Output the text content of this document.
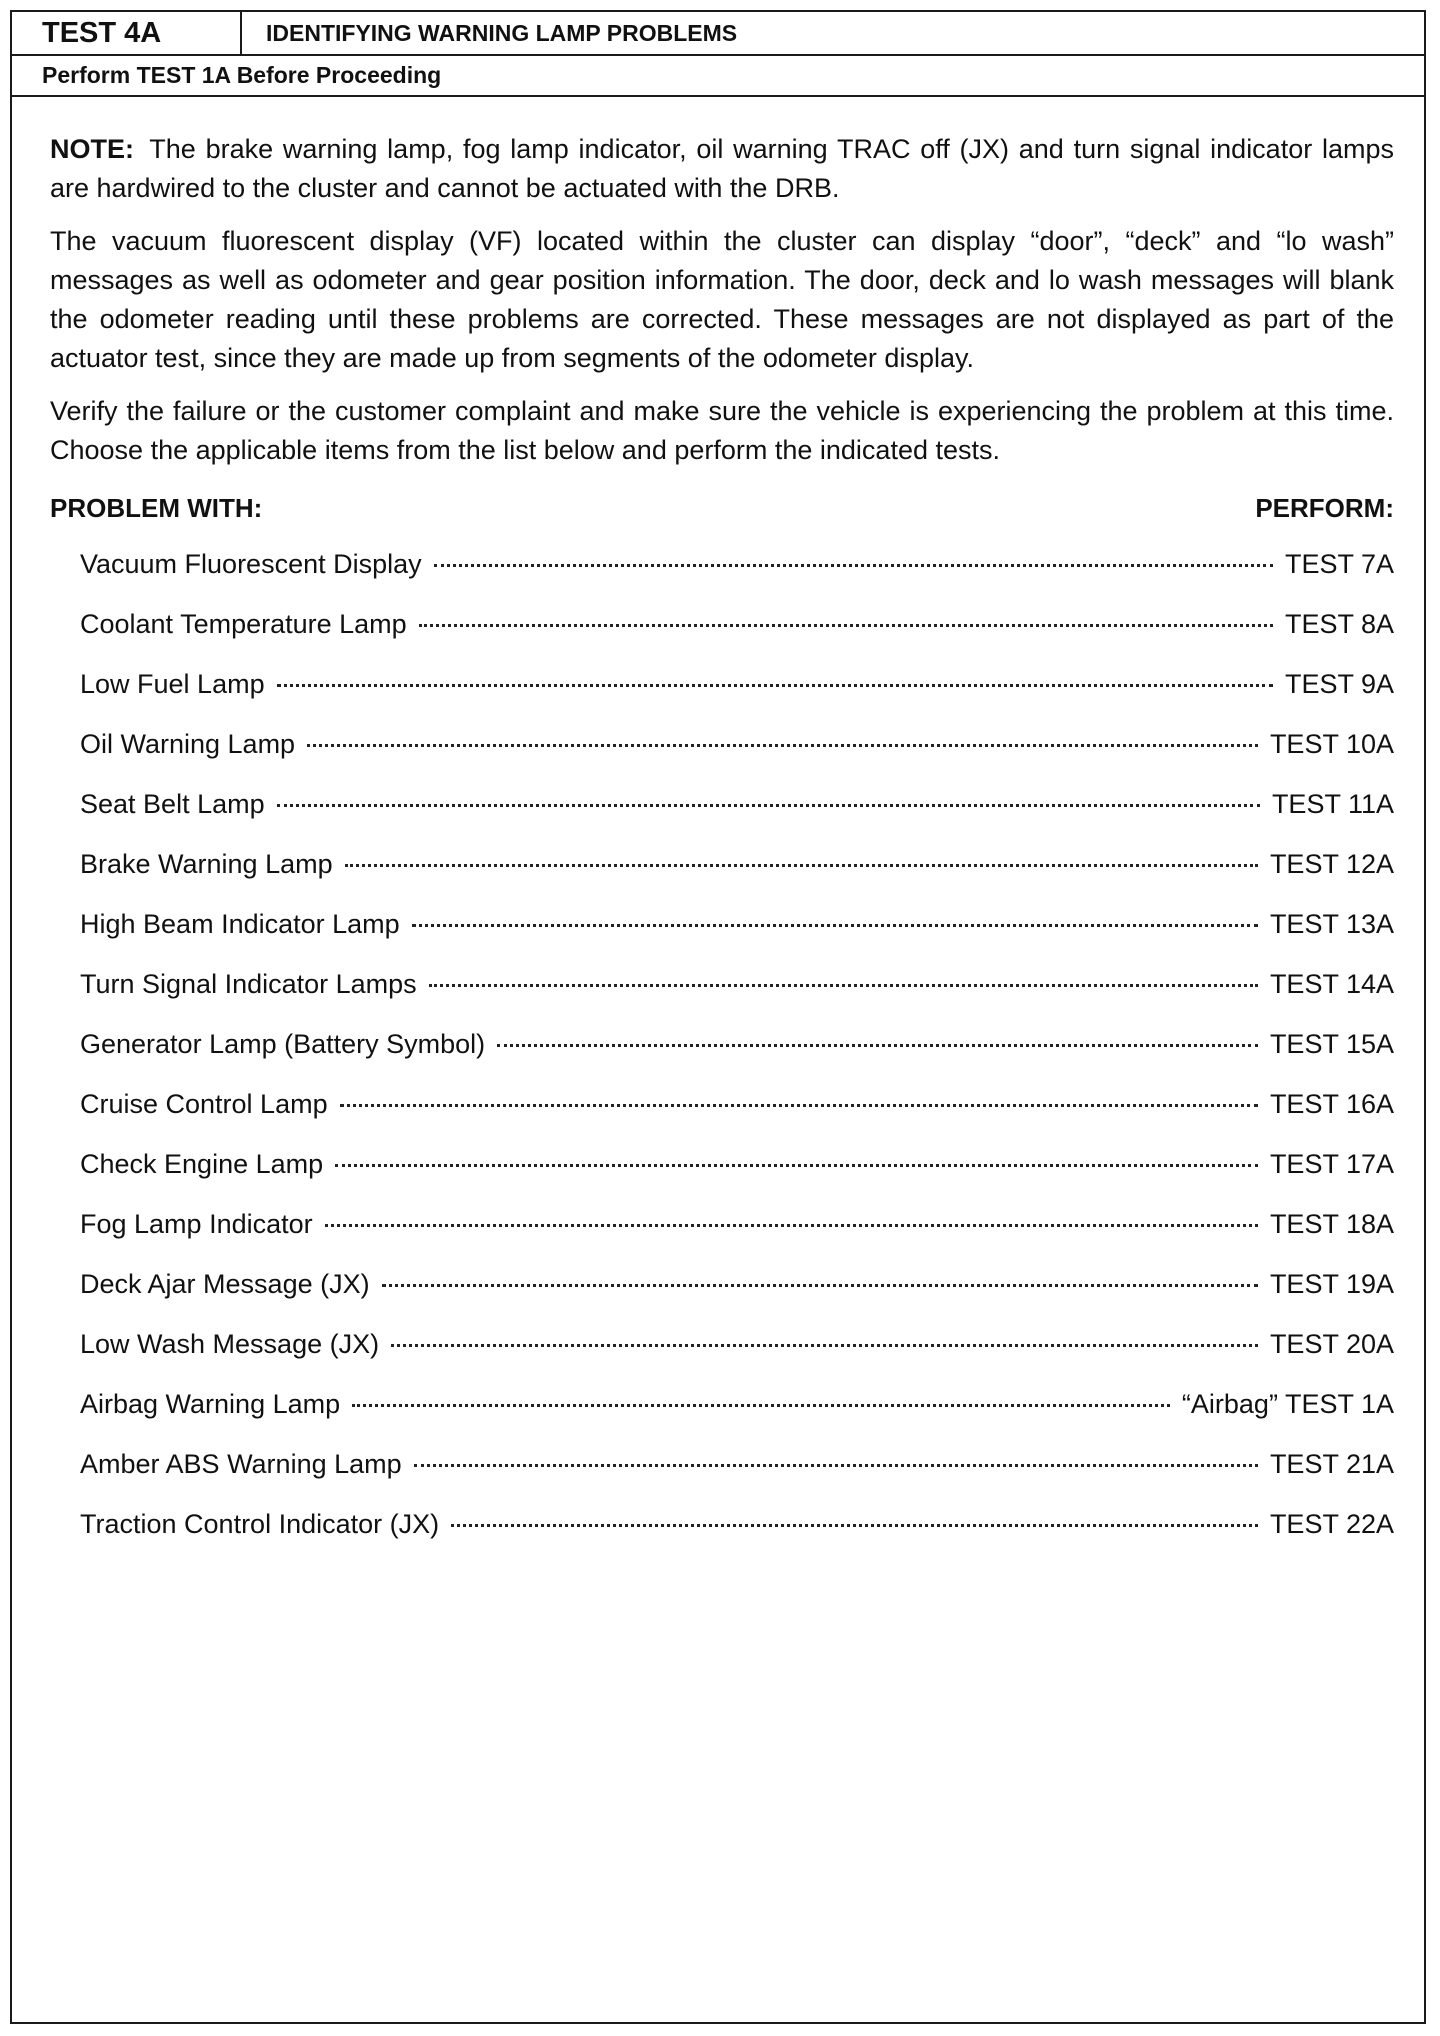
TEST 4A	IDENTIFYING WARNING LAMP PROBLEMS
Perform TEST 1A Before Proceeding

NOTE: The brake warning lamp, fog lamp indicator, oil warning TRAC off (JX) and turn signal indicator lamps are hardwired to the cluster and cannot be actuated with the DRB.

The vacuum fluorescent display (VF) located within the cluster can display “door”, “deck” and “lo wash” messages as well as odometer and gear position information. The door, deck and lo wash messages will blank the odometer reading until these problems are corrected. These messages are not displayed as part of the actuator test, since they are made up from segments of the odometer display.

Verify the failure or the customer complaint and make sure the vehicle is experiencing the problem at this time. Choose the applicable items from the list below and perform the indicated tests.

PROBLEM WITH:	PERFORM:
Vacuum Fluorescent Display	TEST 7A
Coolant Temperature Lamp	TEST 8A
Low Fuel Lamp	TEST 9A
Oil Warning Lamp	TEST 10A
Seat Belt Lamp	TEST 11A
Brake Warning Lamp	TEST 12A
High Beam Indicator Lamp	TEST 13A
Turn Signal Indicator Lamps	TEST 14A
Generator Lamp (Battery Symbol)	TEST 15A
Cruise Control Lamp	TEST 16A
Check Engine Lamp	TEST 17A
Fog Lamp Indicator	TEST 18A
Deck Ajar Message (JX)	TEST 19A
Low Wash Message (JX)	TEST 20A
Airbag Warning Lamp	“Airbag” TEST 1A
Amber ABS Warning Lamp	TEST 21A
Traction Control Indicator (JX)	TEST 22A
